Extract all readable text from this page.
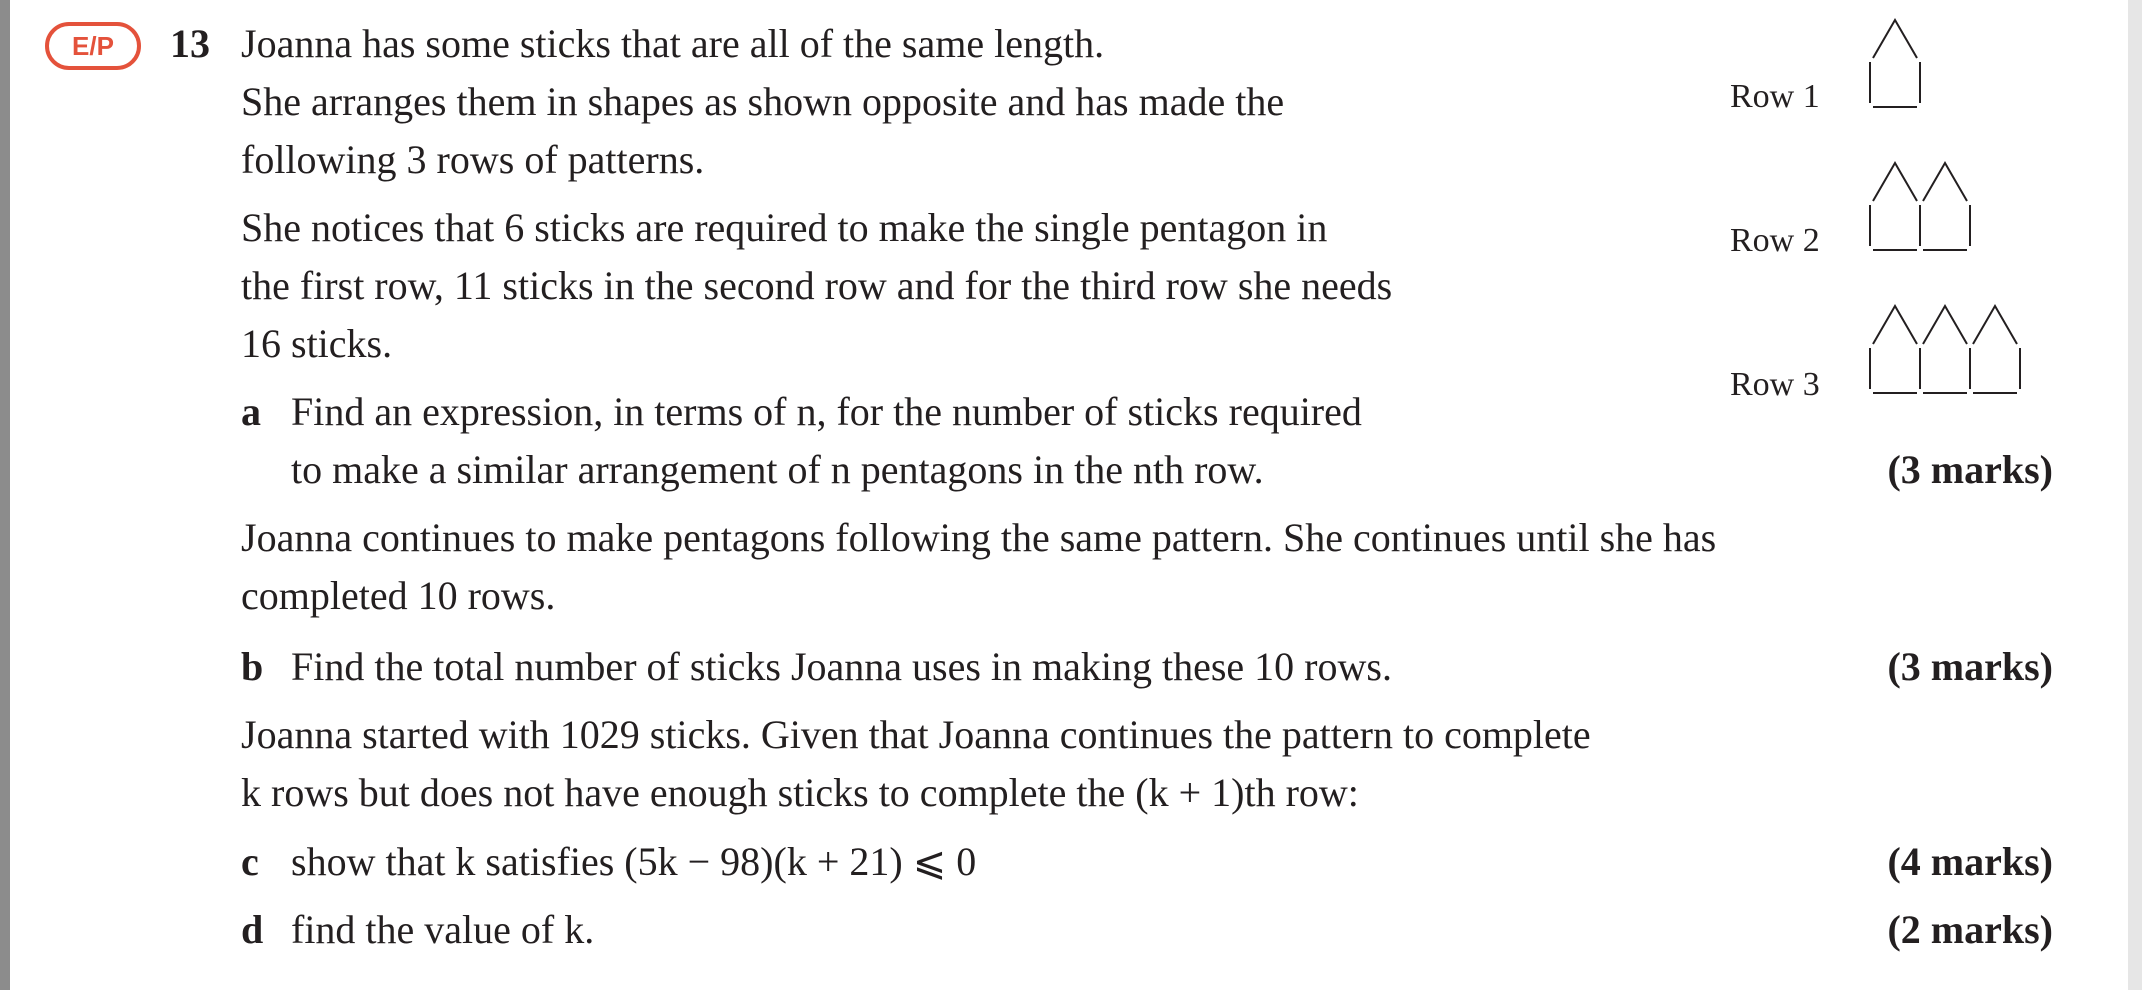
E/P	13 Joanna has some sticks that are all of the same length.
She arranges them in shapes as shown opposite and has made the
following 3 rows of patterns.
She notices that 6 sticks are required to make the single pentagon in
the first row, 11 sticks in the second row and for the third row she needs
16 sticks.
Row 1
Row 2
Row 3
a Find an expression, in terms of n, for the number of sticks required
to make a similar arrangement of n pentagons in the nth row.	(3 marks)
Joanna continues to make pentagons following the same pattern. She continues until she has
completed 10 rows.
b Find the total number of sticks Joanna uses in making these 10 rows.	(3 marks)
Joanna started with 1029 sticks. Given that Joanna continues the pattern to complete
k rows but does not have enough sticks to complete the (k + 1)th row:
c show that k satisfies (5k − 98)(k + 21) ⩽ 0	(4 marks)
d find the value of k.	(2 marks)
